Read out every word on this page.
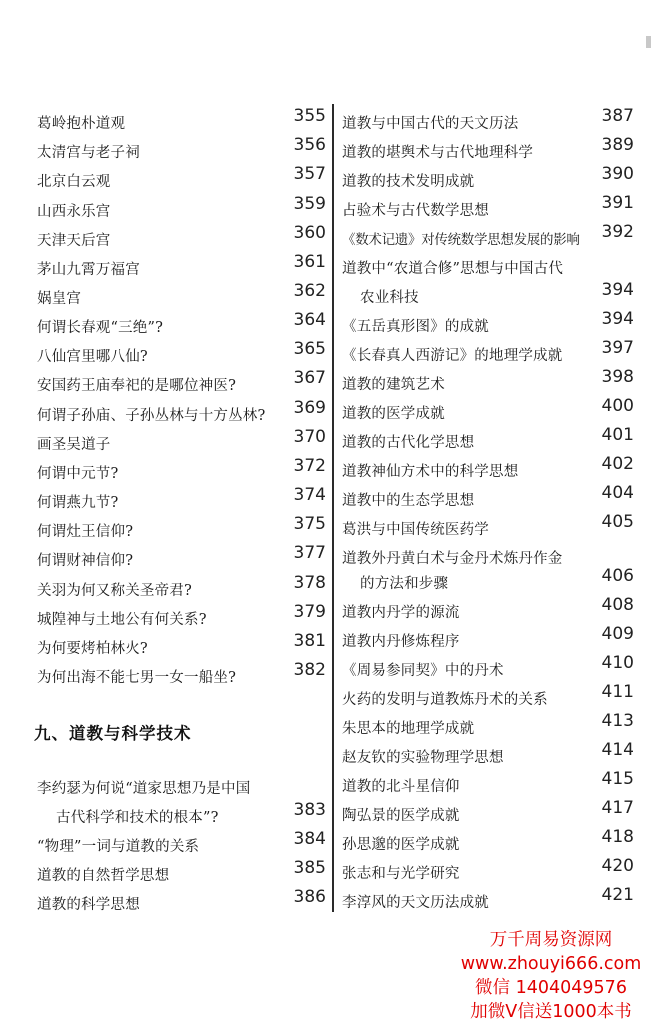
葛岭抱朴道观	355
太清宫与老子祠	356
北京白云观	357
山西永乐宫	359
天津天后宫	360
茅山九霄万福宫	361
娲皇宫	362
何谓长春观“三绝”?	364
八仙宫里哪八仙?	365
安国药王庙奉祀的是哪位神医?	367
何谓子孙庙、子孙丛林与十方丛林?	369
画圣吴道子	370
何谓中元节?	372
何谓燕九节?	374
何谓灶王信仰?	375
何谓财神信仰?	377
关羽为何又称关圣帝君?	378
城隍神与土地公有何关系?	379
为何要烤柏林火?	381
为何出海不能七男一女一船坐?	382
九、道教与科学技术
李约瑟为何说“道家思想乃是中国
古代科学和技术的根本”?	383
“物理”一词与道教的关系	384
道教的自然哲学思想	385
道教的科学思想	386
道教与中国古代的天文历法	387
道教的堪舆术与古代地理科学	389
道教的技术发明成就	390
占验术与古代数学思想	391
《数术记遗》对传统数学思想发展的影响	392
道教中“农道合修”思想与中国古代
农业科技	394
《五岳真形图》的成就	394
《长春真人西游记》的地理学成就	397
道教的建筑艺术	398
道教的医学成就	400
道教的古代化学思想	401
道教神仙方术中的科学思想	402
道教中的生态学思想	404
葛洪与中国传统医药学	405
道教外丹黄白术与金丹术炼丹作金
的方法和步骤	406
道教内丹学的源流	408
道教内丹修炼程序	409
《周易参同契》中的丹术	410
火药的发明与道教炼丹术的关系	411
朱思本的地理学成就	413
赵友钦的实验物理学思想	414
道教的北斗星信仰	415
陶弘景的医学成就	417
孙思邈的医学成就	418
张志和与光学研究	420
李淳风的天文历法成就	421
万千周易资源网
www.zhouyi666.com
微信 1404049576
加微V信送1000本书
